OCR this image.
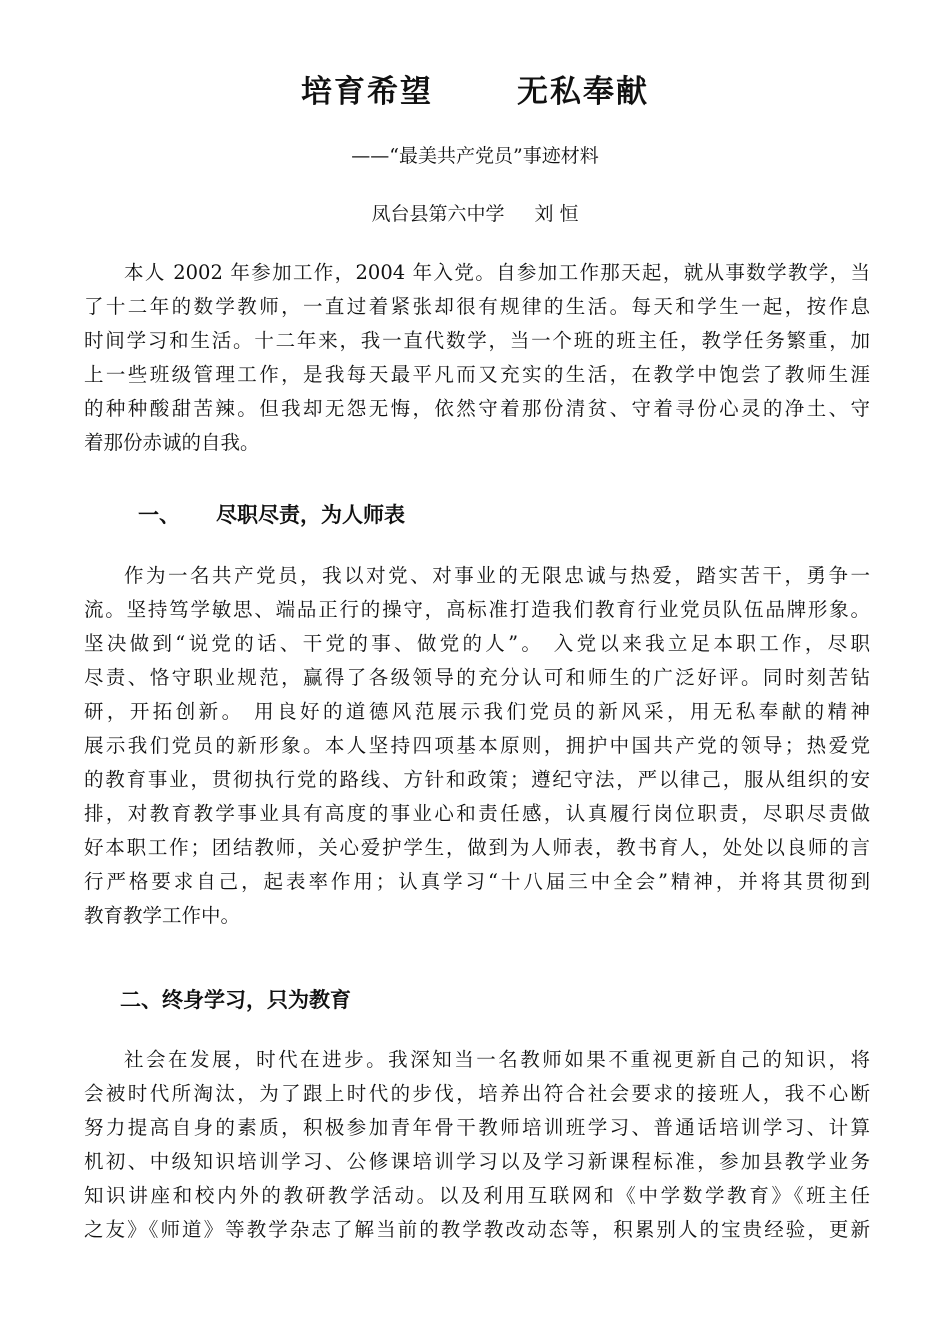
培育希望	无私奉献
——“最美共产党员”事迹材料
凤台县第六中学 刘 恒
本人 2002 年参加工作，2004 年入党。自参加工作那天起，就从事数学教学，当
了十二年的数学教师，一直过着紧张却很有规律的生活。每天和学生一起，按作息
时间学习和生活。十二年来，我一直代数学，当一个班的班主任，教学任务繁重，加
上一些班级管理工作，是我每天最平凡而又充实的生活，在教学中饱尝了教师生涯
的种种酸甜苦辣。但我却无怨无悔，依然守着那份清贫、守着寻份心灵的净土、守
着那份赤诚的自我。
一、 尽职尽责，为人师表
作为一名共产党员，我以对党、对事业的无限忠诚与热爱，踏实苦干，勇争一
流。坚持笃学敏思、端品正行的操守，高标准打造我们教育行业党员队伍品牌形象。
坚决做到“说党的话、干党的事、做党的人”。 入党以来我立足本职工作，尽职
尽责、恪守职业规范，赢得了各级领导的充分认可和师生的广泛好评。同时刻苦钻
研，开拓创新。 用良好的道德风范展示我们党员的新风采，用无私奉献的精神
展示我们党员的新形象。本人坚持四项基本原则，拥护中国共产党的领导；热爱党
的教育事业，贯彻执行党的路线、方针和政策；遵纪守法，严以律己，服从组织的安
排，对教育教学事业具有高度的事业心和责任感，认真履行岗位职责，尽职尽责做
好本职工作；团结教师，关心爱护学生，做到为人师表，教书育人，处处以良师的言
行严格要求自己，起表率作用；认真学习“十八届三中全会”精神，并将其贯彻到
教育教学工作中。
二、终身学习，只为教育
社会在发展，时代在进步。我深知当一名教师如果不重视更新自己的知识，将
会被时代所淘汰，为了跟上时代的步伐，培养出符合社会要求的接班人，我不心断
努力提高自身的素质，积极参加青年骨干教师培训班学习、普通话培训学习、计算
机初、中级知识培训学习、公修课培训学习以及学习新课程标准，参加县教学业务
知识讲座和校内外的教研教学活动。以及利用互联网和《中学数学教育》《班主任
之友》《师道》等教学杂志了解当前的教学教改动态等，积累别人的宝贵经验，更新
